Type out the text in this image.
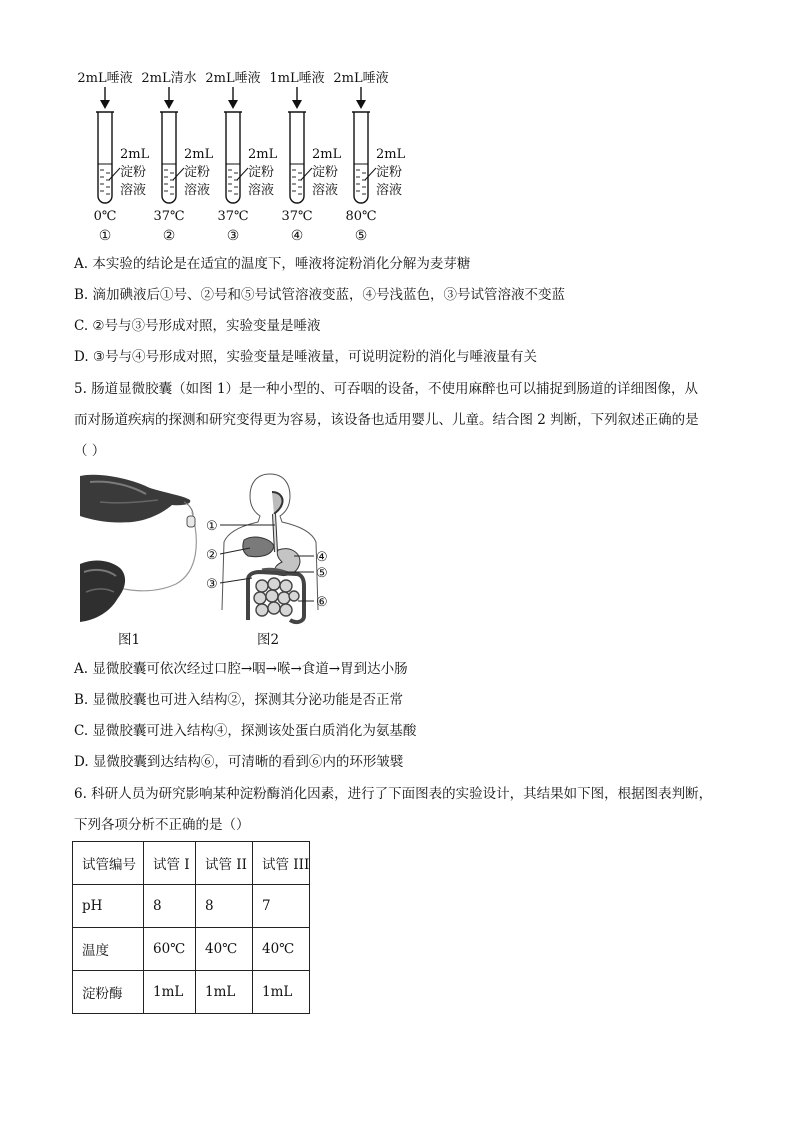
2mL唾液
2mL
淀粉
溶液
0℃
①
2mL清水
2mL
淀粉
溶液
37℃
②
2mL唾液
2mL
淀粉
溶液
37℃
③
1mL唾液
2mL
淀粉
溶液
37℃
④
2mL唾液
2mL
淀粉
溶液
80℃
⑤
A. 本实验的结论是在适宜的温度下，唾液将淀粉消化分解为麦芽糖
B. 滴加碘液后①号、②号和⑤号试管溶液变蓝，④号浅蓝色，③号试管溶液不变蓝
C. ②号与③号形成对照，实验变量是唾液
D. ③号与④号形成对照，实验变量是唾液量，可说明淀粉的消化与唾液量有关
5. 肠道显微胶囊（如图 1）是一种小型的、可吞咽的设备，不使用麻醉也可以捕捉到肠道的详细图像，从
而对肠道疾病的探测和研究变得更为容易，该设备也适用婴儿、儿童。结合图 2 判断，下列叙述正确的是
（ ）
图1
①
②
③
④
⑤
⑥
图2
A. 显微胶囊可依次经过口腔→咽→喉→食道→胃到达小肠
B. 显微胶囊也可进入结构②，探测其分泌功能是否正常
C. 显微胶囊可进入结构④，探测该处蛋白质消化为氨基酸
D. 显微胶囊到达结构⑥，可清晰的看到⑥内的环形皱襞
6. 科研人员为研究影响某种淀粉酶消化因素，进行了下面图表的实验设计，其结果如下图，根据图表判断，
下列各项分析不正确的是（）
试管编号	试管 I	试管 II	试管 III
pH	8	8	7
温度	60℃	40℃	40℃
淀粉酶	1mL	1mL	1mL
